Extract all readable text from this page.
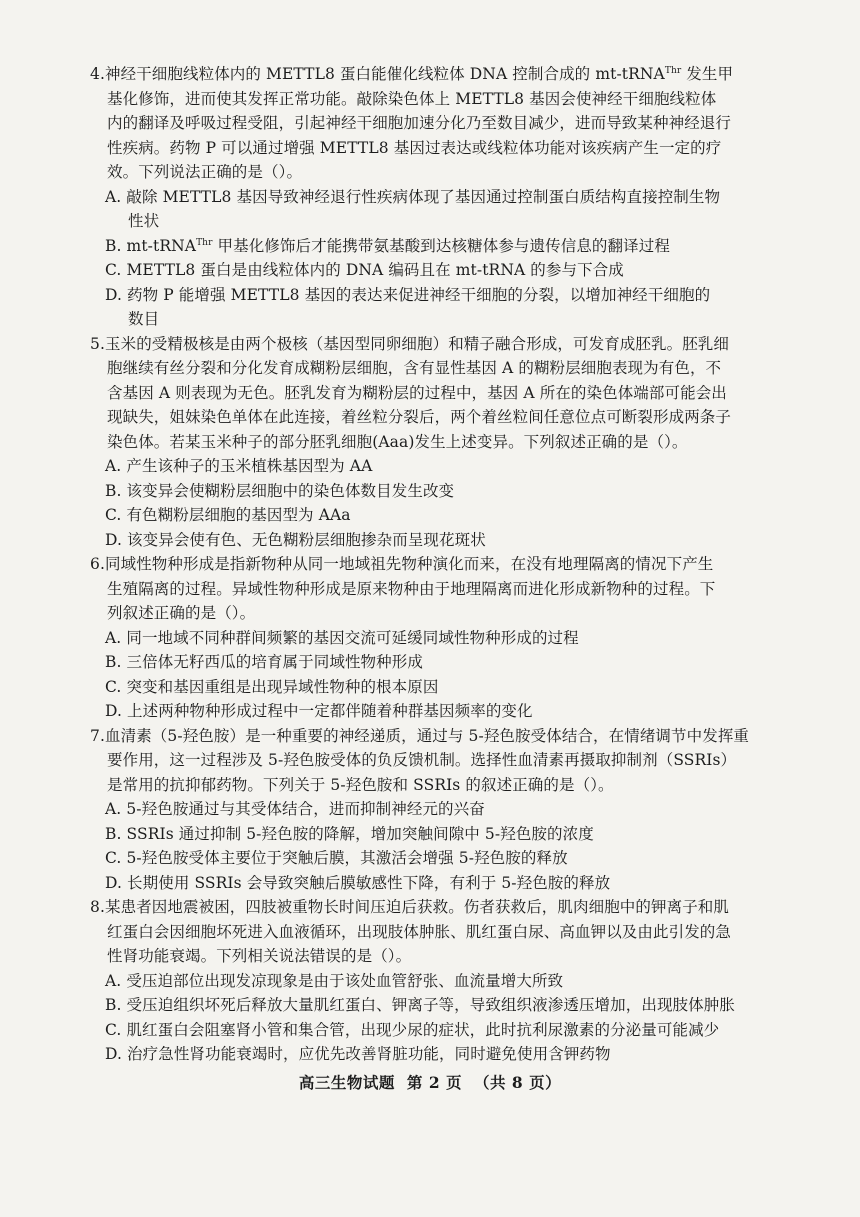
4.神经干细胞线粒体内的 METTL8 蛋白能催化线粒体 DNA 控制合成的 mt-tRNA$^{Thr}$ 发生甲
基化修饰，进而使其发挥正常功能。敲除染色体上 METTL8 基因会使神经干细胞线粒体
内的翻译及呼吸过程受阻，引起神经干细胞加速分化乃至数目减少，进而导致某种神经退行
性疾病。药物 P 可以通过增强 METTL8 基因过表达或线粒体功能对该疾病产生一定的疗
效。下列说法正确的是（）。
A. 敲除 METTL8 基因导致神经退行性疾病体现了基因通过控制蛋白质结构直接控制生物
性状
B. mt-tRNA$^{Thr}$ 甲基化修饰后才能携带氨基酸到达核糖体参与遗传信息的翻译过程
C. METTL8 蛋白是由线粒体内的 DNA 编码且在 mt-tRNA 的参与下合成
D. 药物 P 能增强 METTL8 基因的表达来促进神经干细胞的分裂，以增加神经干细胞的
数目
5.玉米的受精极核是由两个极核（基因型同卵细胞）和精子融合形成，可发育成胚乳。胚乳细
胞继续有丝分裂和分化发育成糊粉层细胞，含有显性基因 A 的糊粉层细胞表现为有色，不
含基因 A 则表现为无色。胚乳发育为糊粉层的过程中，基因 A 所在的染色体端部可能会出
现缺失，姐妹染色单体在此连接，着丝粒分裂后，两个着丝粒间任意位点可断裂形成两条子
染色体。若某玉米种子的部分胚乳细胞(Aaa)发生上述变异。下列叙述正确的是（）。
A. 产生该种子的玉米植株基因型为 AA
B. 该变异会使糊粉层细胞中的染色体数目发生改变
C. 有色糊粉层细胞的基因型为 AAa
D. 该变异会使有色、无色糊粉层细胞掺杂而呈现花斑状
6.同域性物种形成是指新物种从同一地域祖先物种演化而来，在没有地理隔离的情况下产生
生殖隔离的过程。异域性物种形成是原来物种由于地理隔离而进化形成新物种的过程。下
列叙述正确的是（）。
A. 同一地域不同种群间频繁的基因交流可延缓同域性物种形成的过程
B. 三倍体无籽西瓜的培育属于同域性物种形成
C. 突变和基因重组是出现异域性物种的根本原因
D. 上述两种物种形成过程中一定都伴随着种群基因频率的变化
7.血清素（5-羟色胺）是一种重要的神经递质，通过与 5-羟色胺受体结合，在情绪调节中发挥重
要作用，这一过程涉及 5-羟色胺受体的负反馈机制。选择性血清素再摄取抑制剂（SSRIs）
是常用的抗抑郁药物。下列关于 5-羟色胺和 SSRIs 的叙述正确的是（）。
A. 5-羟色胺通过与其受体结合，进而抑制神经元的兴奋
B. SSRIs 通过抑制 5-羟色胺的降解，增加突触间隙中 5-羟色胺的浓度
C. 5-羟色胺受体主要位于突触后膜，其激活会增强 5-羟色胺的释放
D. 长期使用 SSRIs 会导致突触后膜敏感性下降，有利于 5-羟色胺的释放
8.某患者因地震被困，四肢被重物长时间压迫后获救。伤者获救后，肌肉细胞中的钾离子和肌
红蛋白会因细胞坏死进入血液循环，出现肢体肿胀、肌红蛋白尿、高血钾以及由此引发的急
性肾功能衰竭。下列相关说法错误的是（）。
A. 受压迫部位出现发凉现象是由于该处血管舒张、血流量增大所致
B. 受压迫组织坏死后释放大量肌红蛋白、钾离子等，导致组织液渗透压增加，出现肢体肿胀
C. 肌红蛋白会阻塞肾小管和集合管，出现少尿的症状，此时抗利尿激素的分泌量可能减少
D. 治疗急性肾功能衰竭时，应优先改善肾脏功能，同时避免使用含钾药物
高三生物试题 第 2 页 （共 8 页）
